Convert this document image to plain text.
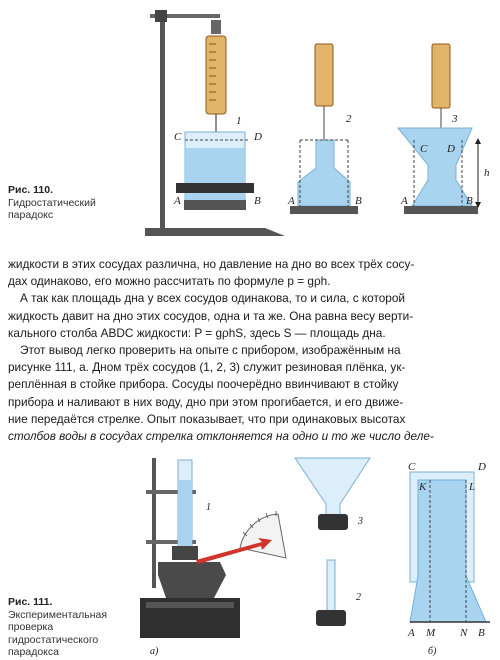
1	2	3
C	D
A	B A	B
C D
A	B
h
Рис. 110.
Гидростатический
парадокс

жидкости в этих сосудах различна, но давление на дно во всех трёх сосу-

дах одинаково, его можно рассчитать по формуле p = gρh.

А так как площадь дна у всех сосудов одинакова, то и сила, с которой

жидкость давит на дно этих сосудов, одна и та же. Она равна весу верти-

кального столба ABDC жидкости: P = gρhS, здесь S — площадь дна.

Этот вывод легко проверить на опыте с прибором, изображённым на

рисунке 111, а. Дном трёх сосудов (1, 2, 3) служит резиновая плёнка, ук-

реплённая в стойке прибора. Сосуды поочерёдно ввинчивают в стойку

прибора и наливают в них воду, дно при этом прогибается, и его движе-

ние передаётся стрелке. Опыт показывает, что при одинаковых высотах

столбов воды в сосудах стрелка отклоняется на одно и то же число деле-

1
3
2
а)
C	D
K	L
A M N B
б)
Рис. 111.
Экспериментальная
проверка
гидростатического
парадокса
